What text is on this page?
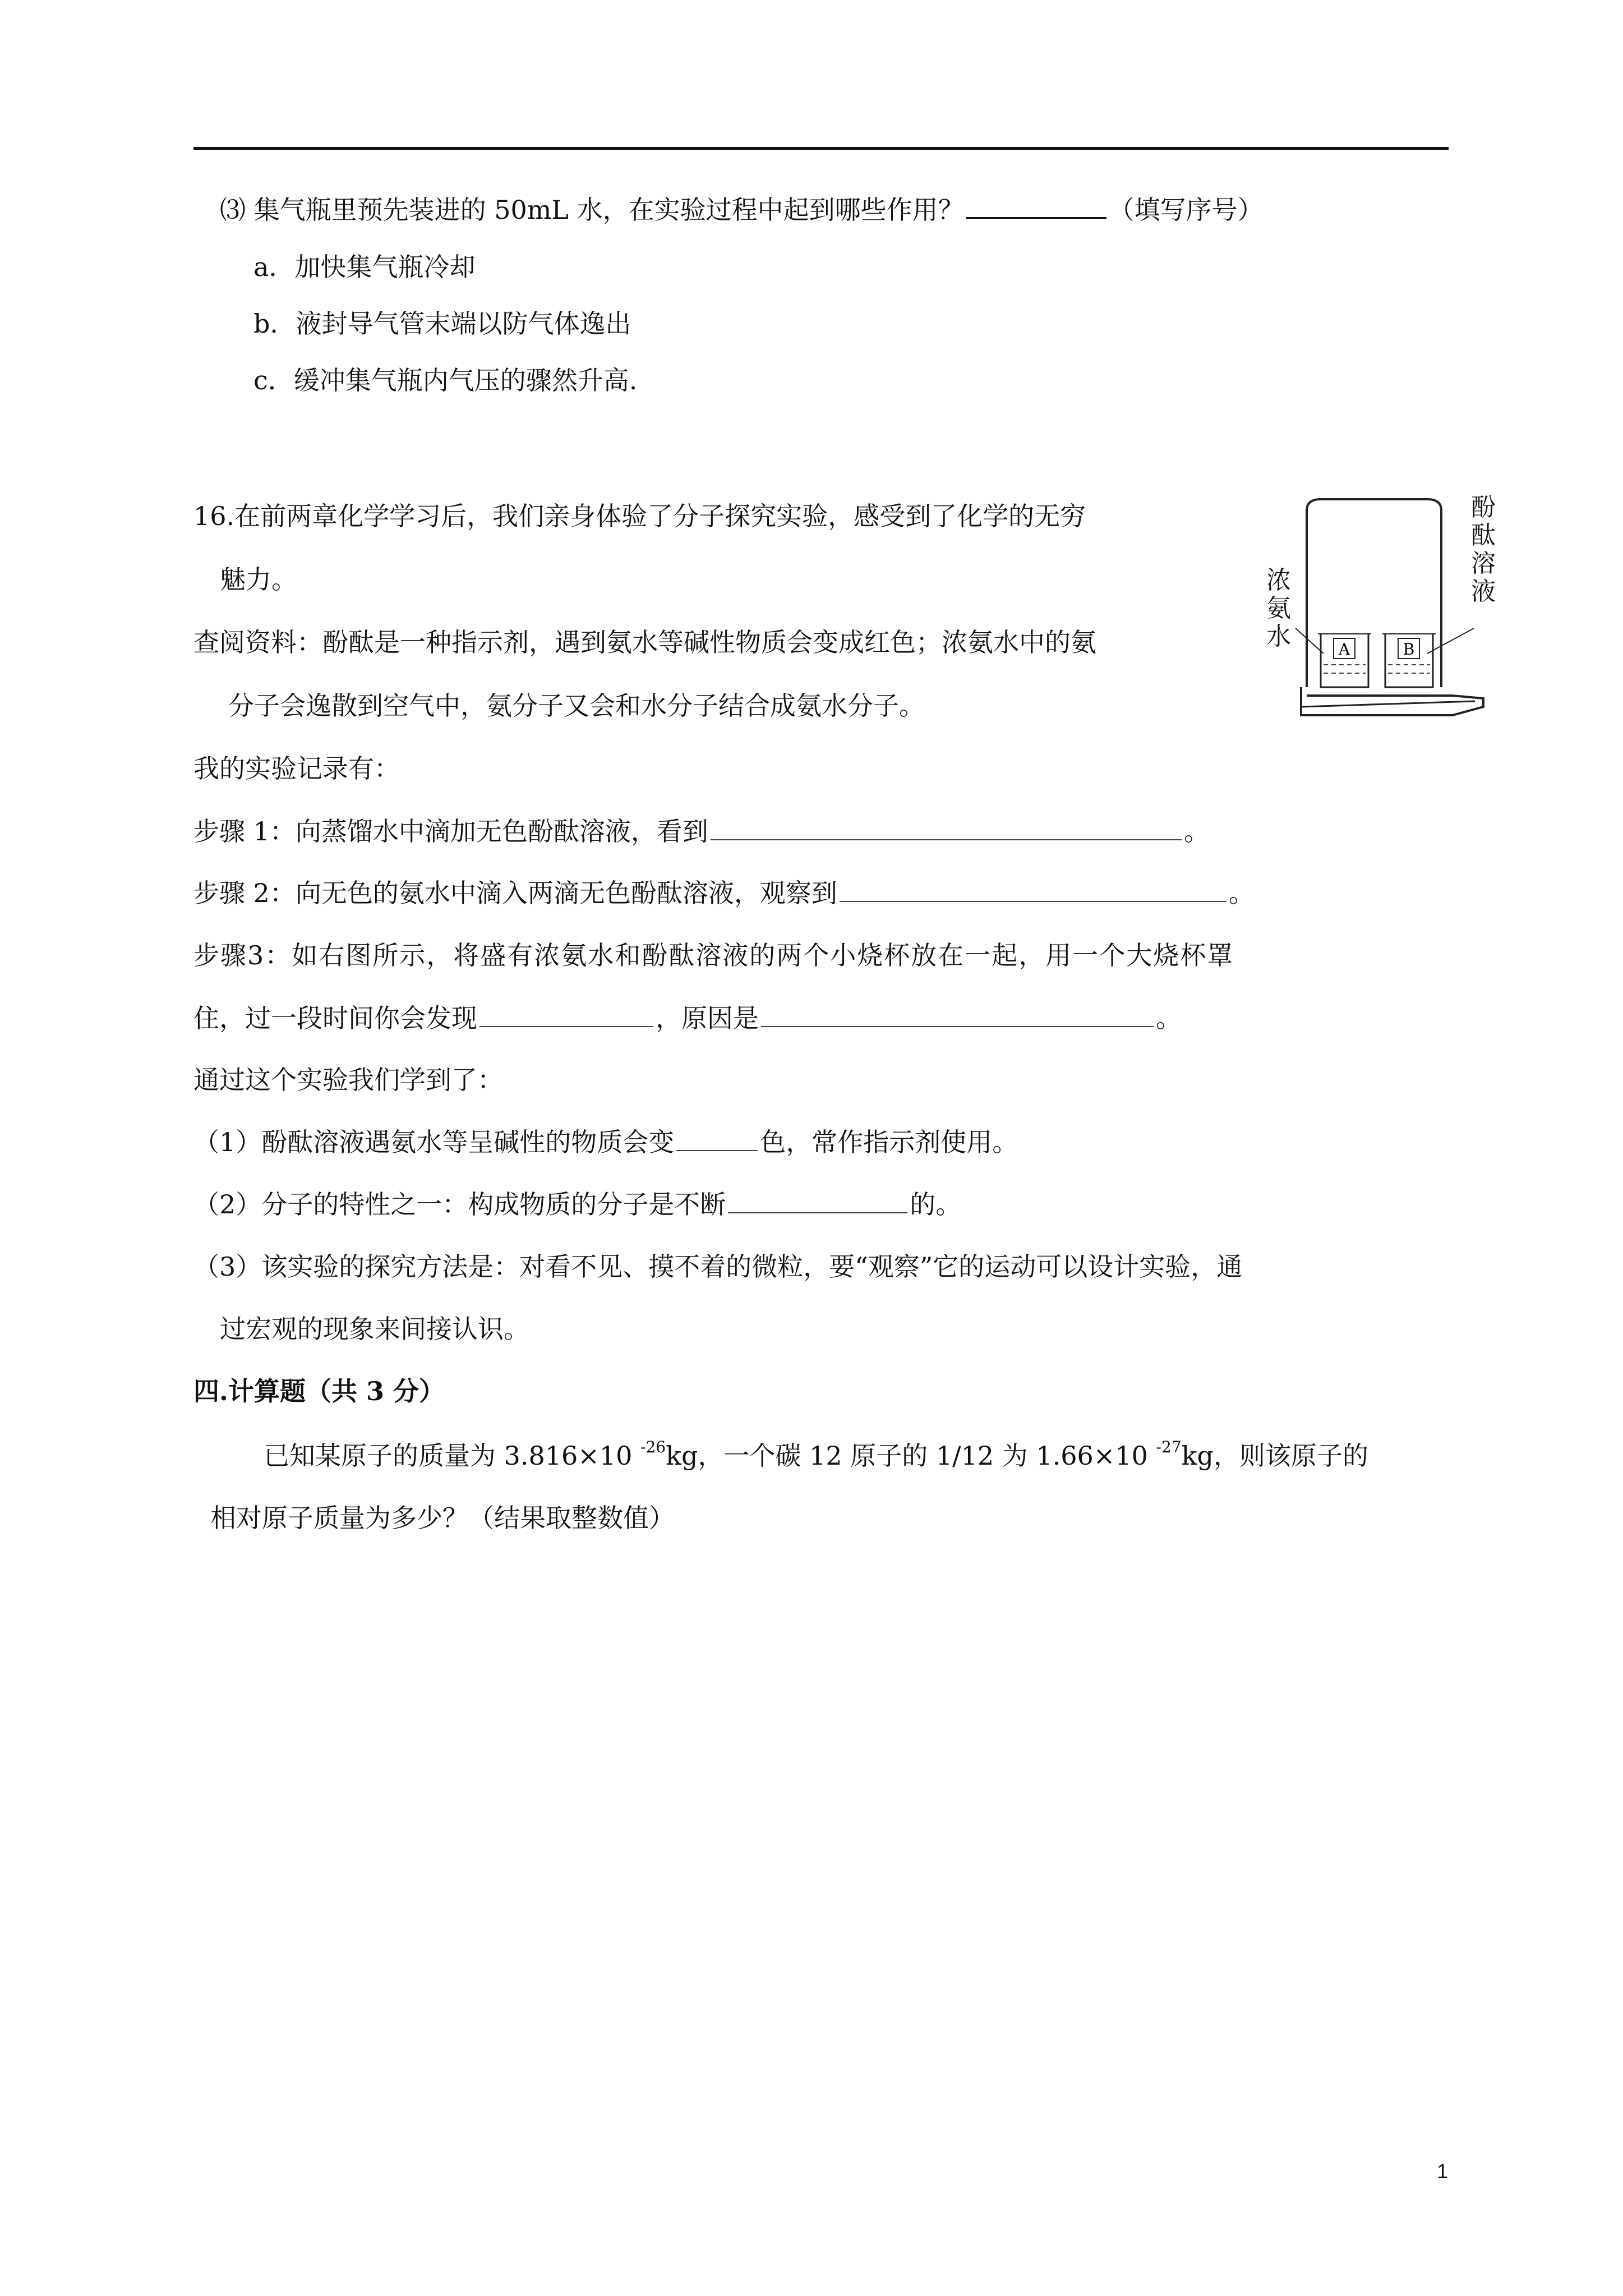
⑶ 集气瓶里预先装进的 50mL 水，在实验过程中起到哪些作用？	（填写序号）
a．加快集气瓶冷却
b．液封导气管末端以防气体逸出
c．缓冲集气瓶内气压的骤然升高.
16.在前两章化学学习后，我们亲身体验了分子探究实验，感受到了化学的无穷
魅力。
查阅资料：酚酞是一种指示剂，遇到氨水等碱性物质会变成红色；浓氨水中的氨
分子会逸散到空气中，氨分子又会和水分子结合成氨水分子。
A	B
浓氨水
酚酞溶液
我的实验记录有：
步骤 1：向蒸馏水中滴加无色酚酞溶液，看到	。
步骤 2：向无色的氨水中滴入两滴无色酚酞溶液，观察到	。
步骤3：如右图所示，将盛有浓氨水和酚酞溶液的两个小烧杯放在一起，用一个大烧杯罩
住，过一段时间你会发现	，原因是	。
通过这个实验我们学到了：
（1）酚酞溶液遇氨水等呈碱性的物质会变	色，常作指示剂使用。
（2）分子的特性之一：构成物质的分子是不断	的。
（3）该实验的探究方法是：对看不见、摸不着的微粒，要“观察”它的运动可以设计实验，通
过宏观的现象来间接认识。
四.计算题（共 3 分）
已知某原子的质量为 3.816×10 $^{-26}$kg，一个碳 12 原子的 1/12 为 1.66×10 $^{-27}$kg，则该原子的
相对原子质量为多少？（结果取整数值）
1
